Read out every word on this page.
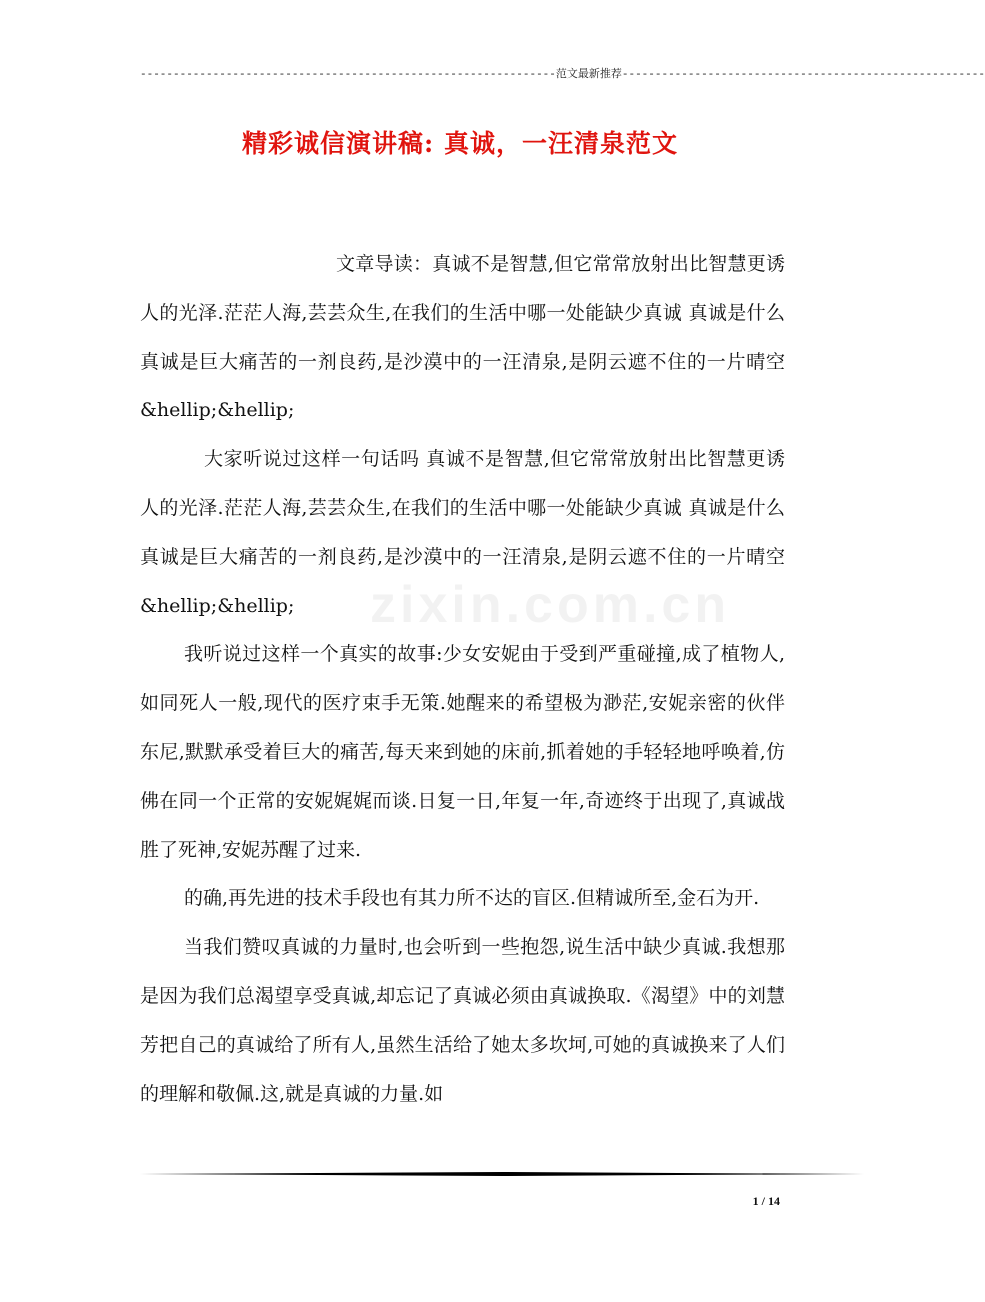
---------------------------------------------------------------范文最新推荐-------------------------------------------------------
精彩诚信演讲稿: 真诚，一汪清泉范文
zixin.com.cn

文章导读：真诚不是智慧,但它常常放射出比智慧更诱人的光泽.茫茫人海,芸芸众生,在我们的生活中哪一处能缺少真诚 真诚是什么 真诚是巨大痛苦的一剂良药,是沙漠中的一汪清泉,是阴云遮不住的一片晴空&hellip;&hellip;

大家听说过这样一句话吗 真诚不是智慧,但它常常放射出比智慧更诱人的光泽.茫茫人海,芸芸众生,在我们的生活中哪一处能缺少真诚 真诚是什么 真诚是巨大痛苦的一剂良药,是沙漠中的一汪清泉,是阴云遮不住的一片晴空&hellip;&hellip;

我听说过这样一个真实的故事:少女安妮由于受到严重碰撞,成了植物人,如同死人一般,现代的医疗束手无策.她醒来的希望极为渺茫,安妮亲密的伙伴东尼,默默承受着巨大的痛苦,每天来到她的床前,抓着她的手轻轻地呼唤着,仿佛在同一个正常的安妮娓娓而谈.日复一日,年复一年,奇迹终于出现了,真诚战胜了死神,安妮苏醒了过来.

的确,再先进的技术手段也有其力所不达的盲区.但精诚所至,金石为开.

当我们赞叹真诚的力量时,也会听到一些抱怨,说生活中缺少真诚.我想那是因为我们总渴望享受真诚,却忘记了真诚必须由真诚换取.《渴望》中的刘慧芳把自己的真诚给了所有人,虽然生活给了她太多坎坷,可她的真诚换来了人们的理解和敬佩.这,就是真诚的力量.如

1 / 14
